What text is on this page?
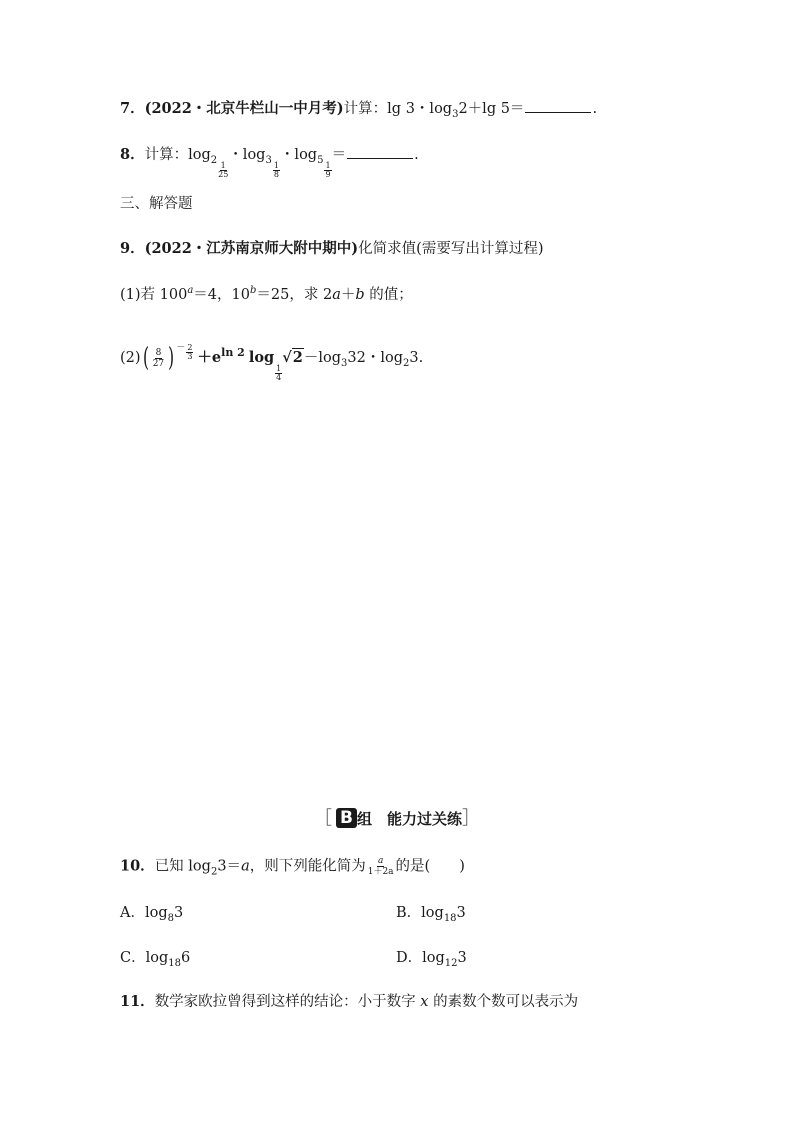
7．(2022・北京牛栏山一中月考)计算：lg 3・$\log_32+\lg$ 5＝	.
8．计算：$\log_2$
$\frac{1}{25}$
・$\log_3$
$\frac{1}{8}$
・$\log_5$
$\frac{1}{9}$
＝	.
三、解答题
9．(2022・江苏南京师大附中期中)化简求值(需要写出计算过程)
(1)若 $100^a=4$，$10^b=25$，求 2a＋b 的值；
$(2)( \frac{8}{27}$ ) $^{- \frac{2}{3}} +e^{ln 2}$ log
$\frac{1}{4}$
$√2-\log_332$・$\log_23$.
［ B 组　能力过关练］
10．已知 $\log_23=a$，则下列能化简为 $\frac{a}{1+2a}$ 的是(　　)
A．$\log_83$	B．$\log_{18}3$
C．$\log_{18}6$	D．$\log_{12}3$
11．数学家欧拉曾得到这样的结论：小于数字 x 的素数个数可以表示为
